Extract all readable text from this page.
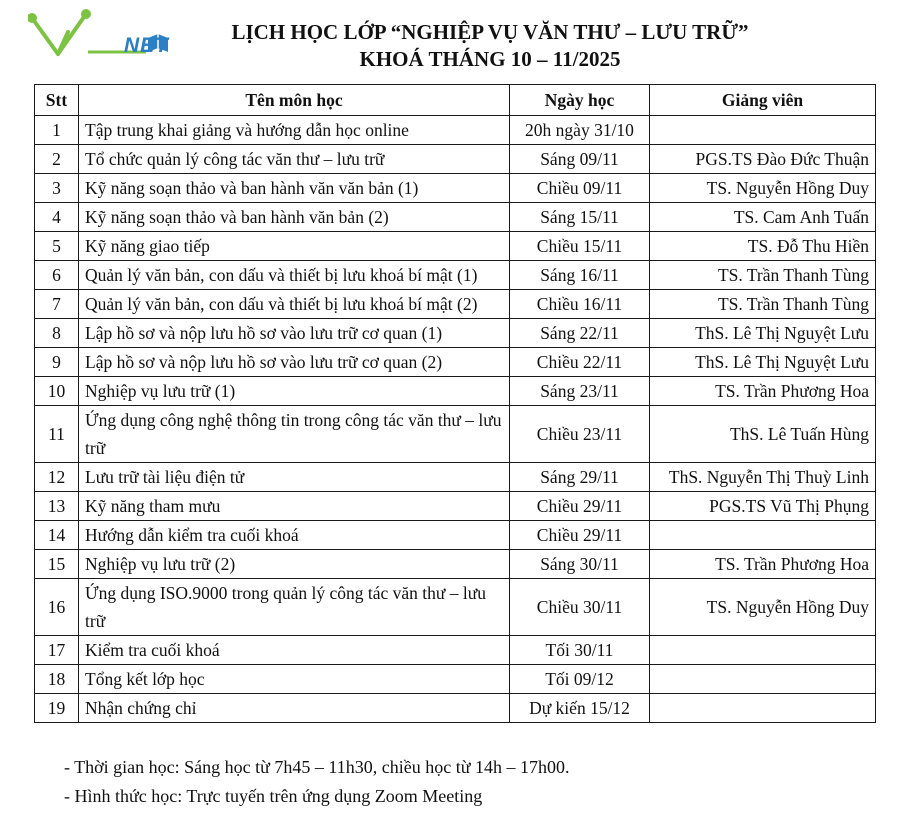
NET
LỊCH HỌC LỚP “NGHIỆP VỤ VĂN THƯ – LƯU TRỮ”
KHOÁ THÁNG 10 – 11/2025
Stt	Tên môn học	Ngày học	Giảng viên
1	Tập trung khai giảng và hướng dẫn học online	20h ngày 31/10	
2	Tổ chức quản lý công tác văn thư – lưu trữ	Sáng 09/11	PGS.TS Đào Đức Thuận
3	Kỹ năng soạn thảo và ban hành văn văn bản (1)	Chiều 09/11	TS. Nguyễn Hồng Duy
4	Kỹ năng soạn thảo và ban hành văn bản (2)	Sáng 15/11	TS. Cam Anh Tuấn
5	Kỹ năng giao tiếp	Chiều 15/11	TS. Đỗ Thu Hiền
6	Quản lý văn bản, con dấu và thiết bị lưu khoá bí mật (1)	Sáng 16/11	TS. Trần Thanh Tùng
7	Quản lý văn bản, con dấu và thiết bị lưu khoá bí mật (2)	Chiều 16/11	TS. Trần Thanh Tùng
8	Lập hồ sơ và nộp lưu hồ sơ vào lưu trữ cơ quan (1)	Sáng 22/11	ThS. Lê Thị Nguyệt Lưu
9	Lập hồ sơ và nộp lưu hồ sơ vào lưu trữ cơ quan (2)	Chiều 22/11	ThS. Lê Thị Nguyệt Lưu
10	Nghiệp vụ lưu trữ (1)	Sáng 23/11	TS. Trần Phương Hoa
11	Ứng dụng công nghệ thông tin trong công tác văn thư – lưu trữ	Chiều 23/11	ThS. Lê Tuấn Hùng
12	Lưu trữ tài liệu điện tử	Sáng 29/11	ThS. Nguyễn Thị Thuỳ Linh
13	Kỹ năng tham mưu	Chiều 29/11	PGS.TS Vũ Thị Phụng
14	Hướng dẫn kiểm tra cuối khoá	Chiều 29/11	
15	Nghiệp vụ lưu trữ (2)	Sáng 30/11	TS. Trần Phương Hoa
16	Ứng dụng ISO.9000 trong quản lý công tác văn thư – lưu trữ	Chiều 30/11	TS. Nguyễn Hồng Duy
17	Kiểm tra cuối khoá	Tối 30/11	
18	Tổng kết lớp học	Tối 09/12	
19	Nhận chứng chỉ	Dự kiến 15/12	
- Thời gian học: Sáng học từ 7h45 – 11h30, chiều học từ 14h – 17h00.
- Hình thức học: Trực tuyến trên ứng dụng Zoom Meeting
